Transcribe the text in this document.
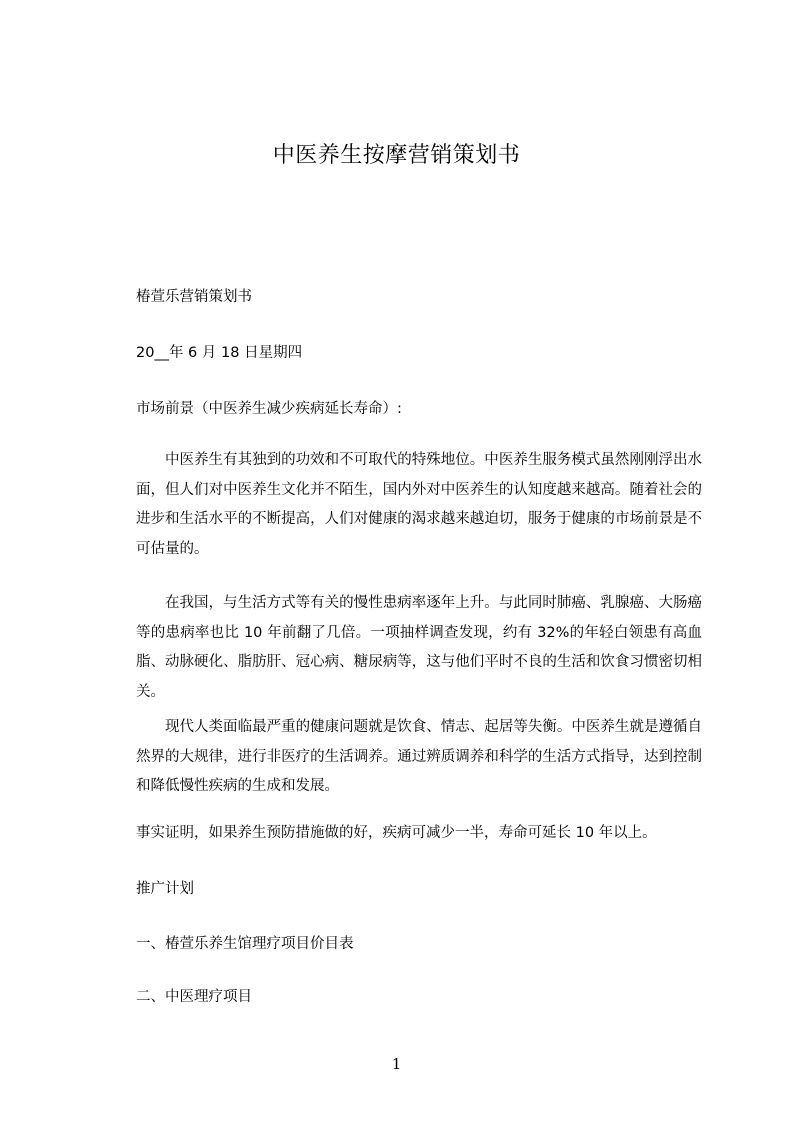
中医养生按摩营销策划书

椿萱乐营销策划书

20__年 6 月 18 日星期四

市场前景（中医养生减少疾病延长寿命）:

中医养生有其独到的功效和不可取代的特殊地位。中医养生服务模式虽然刚刚浮出水面，但人们对中医养生文化并不陌生，国内外对中医养生的认知度越来越高。随着社会的进步和生活水平的不断提高，人们对健康的渴求越来越迫切，服务于健康的市场前景是不可估量的。

在我国，与生活方式等有关的慢性患病率逐年上升。与此同时肺癌、乳腺癌、大肠癌等的患病率也比 10 年前翻了几倍。一项抽样调查发现，约有 32%的年轻白领患有高血脂、动脉硬化、脂肪肝、冠心病、糖尿病等，这与他们平时不良的生活和饮食习惯密切相关。

现代人类面临最严重的健康问题就是饮食、情志、起居等失衡。中医养生就是遵循自然界的大规律，进行非医疗的生活调养。通过辨质调养和科学的生活方式指导，达到控制和降低慢性疾病的生成和发展。

事实证明，如果养生预防措施做的好，疾病可减少一半，寿命可延长 10 年以上。

推广计划

一、椿萱乐养生馆理疗项目价目表

二、中医理疗项目

1
